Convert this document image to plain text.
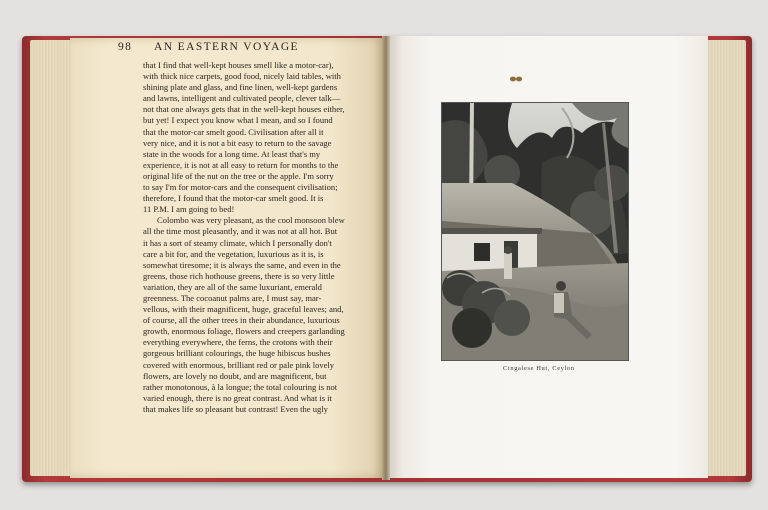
98 AN EASTERN VOYAGE
that I find that well-kept houses smell like a motor-car),
with thick nice carpets, good food, nicely laid tables, with
shining plate and glass, and fine linen, well-kept gardens
and lawns, intelligent and cultivated people, clever talk—
not that one always gets that in the well-kept houses either,
but yet! I expect you know what I mean, and so I found
that the motor-car smelt good. Civilisation after all it
very nice, and it is not a bit easy to return to the savage
state in the woods for a long time. At least that's my
experience, it is not at all easy to return for months to the
original life of the nut on the tree or the apple. I'm sorry
to say I'm for motor-cars and the consequent civilisation;
therefore, I found that the motor-car smelt good. It is
11 P.M. I am going to bed!
Colombo was very pleasant, as the cool monsoon blew
all the time most pleasantly, and it was not at all hot. But
it has a sort of steamy climate, which I personally don't
care a bit for, and the vegetation, luxurious as it is, is
somewhat tiresome; it is always the same, and even in the
greens, those rich hothouse greens, there is so very little
variation, they are all of the same luxuriant, emerald
greenness. The cocoanut palms are, I must say, mar-
vellous, with their magnificent, huge, graceful leaves; and,
of course, all the other trees in their abundance, luxurious
growth, enormous foliage, flowers and creepers garlanding
everything everywhere, the ferns, the crotons with their
gorgeous brilliant colourings, the huge hibiscus bushes
covered with enormous, brilliant red or pale pink lovely
flowers, are lovely no doubt, and are magnificent, but
rather monotonous, à la longue; the total colouring is not
varied enough, there is no great contrast. And what is it
that makes life so pleasant but contrast! Even the ugly
Cingalese Hut, Ceylon
